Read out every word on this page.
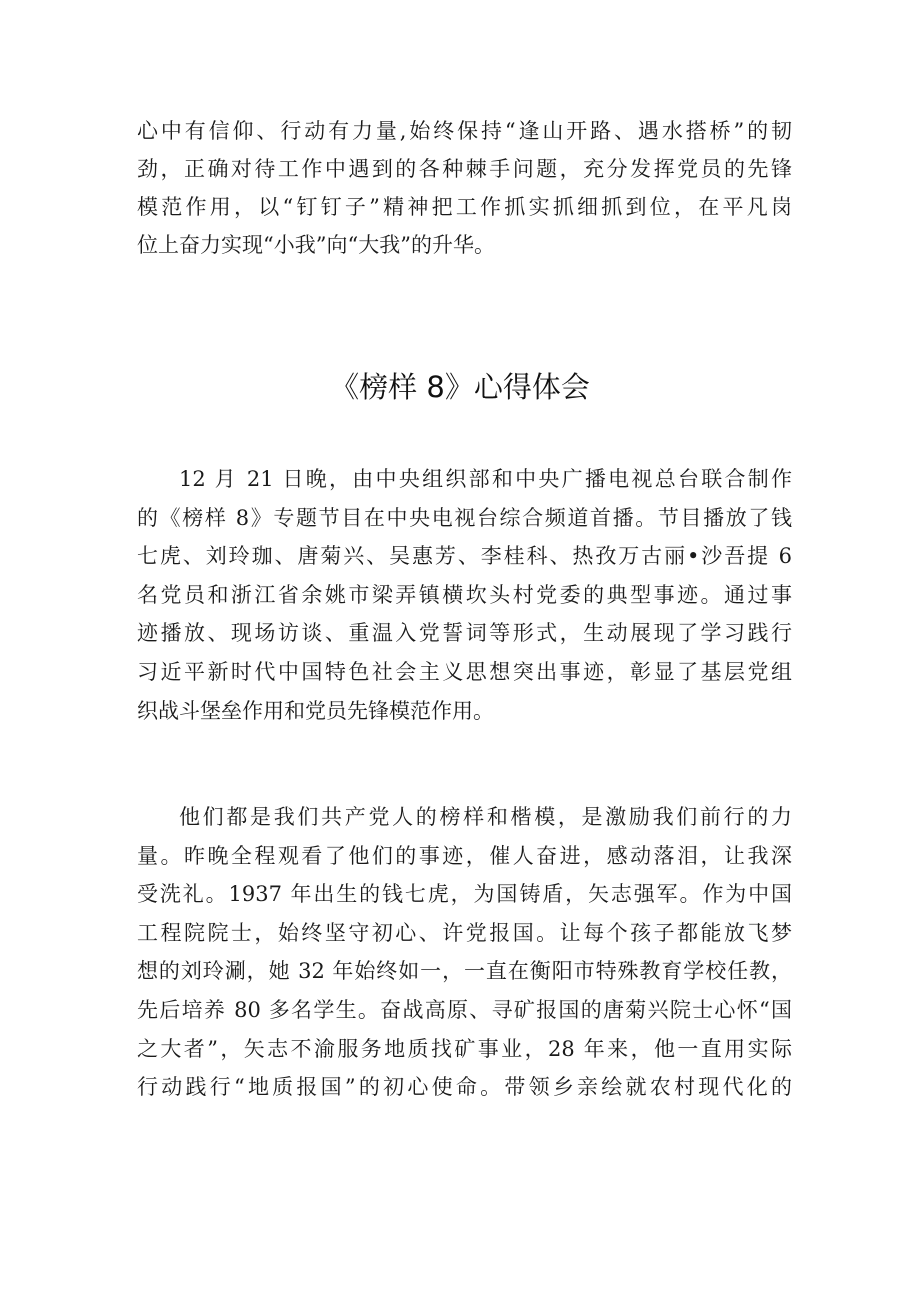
心中有信仰、行动有力量,始终保持“逢山开路、遇水搭桥”的韧
劲，正确对待工作中遇到的各种棘手问题，充分发挥党员的先锋
模范作用，以“钉钉子”精神把工作抓实抓细抓到位，在平凡岗
位上奋力实现“小我”向“大我”的升华。
《榜样 8》心得体会
12 月 21 日晚，由中央组织部和中央广播电视总台联合制作
的《榜样 8》专题节目在中央电视台综合频道首播。节目播放了钱
七虎、刘玲珈、唐菊兴、吴惠芳、李桂科、热孜万古丽•沙吾提 6
名党员和浙江省余姚市梁弄镇横坎头村党委的典型事迹。通过事
迹播放、现场访谈、重温入党誓词等形式，生动展现了学习践行
习近平新时代中国特色社会主义思想突出事迹，彰显了基层党组
织战斗堡垒作用和党员先锋模范作用。
他们都是我们共产党人的榜样和楷模，是激励我们前行的力
量。昨晚全程观看了他们的事迹，催人奋进，感动落泪，让我深
受洗礼。1937 年出生的钱七虎，为国铸盾，矢志强军。作为中国
工程院院士，始终坚守初心、许党报国。让每个孩子都能放飞梦
想的刘玲涮，她 32 年始终如一，一直在衡阳市特殊教育学校任教，
先后培养 80 多名学生。奋战高原、寻矿报国的唐菊兴院士心怀“国
之大者”，矢志不渝服务地质找矿事业，28 年来，他一直用实际
行动践行“地质报国”的初心使命。带领乡亲绘就农村现代化的
